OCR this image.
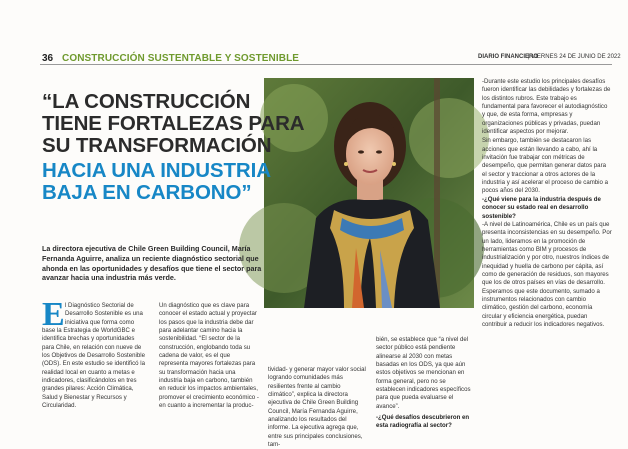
36 CONSTRUCCIÓN SUSTENTABLE Y SOSTENIBLE	DIARIO FINANCIERO
| VIERNES 24 DE JUNIO DE 2022
“LA CONSTRUCCIÓN
TIENE FORTALEZAS PARA
SU TRANSFORMACIÓN
HACIA UNA INDUSTRIA
BAJA EN CARBONO”
La directora ejecutiva de Chile Green Building Council, María Fernanda Aguirre, analiza un reciente diagnóstico sectorial que ahonda en las oportunidades y desafíos que tiene el sector para avanzar hacia una industria más verde.
E l Diagnóstico Sectorial de Desarrollo Sostenible es una iniciativa que forma como
base la Estrategia de WorldGBC e identifica brechas y oportunidades para Chile, en relación con nueve de los Objetivos de Desarrollo Sostenible (ODS). En este estudio se identificó la realidad local en cuanto a metas e indicadores, clasificándolos en tres grandes pilares: Acción Climática, Salud y Bienestar y Recursos y Circularidad.
Un diagnóstico que es clave para conocer el estado actual y proyectar los pasos que la industria debe dar para adelantar camino hacia la sostenibilidad. “El sector de la construcción, englobando toda su cadena de valor, es el que representa mayores fortalezas para su transformación hacia una industria baja en carbono, también en reducir los impactos ambientales, promover el crecimiento económico -en cuanto a incrementar la produc-
tividad- y generar mayor valor social logrando comunidades más resilientes frente al cambio climático”, explica la directora ejecutiva de Chile Green Building Council, María Fernanda Aguirre, analizando los resultados del informe. La ejecutiva agrega que, entre sus principales conclusiones, tam-

bién, se establece que “a nivel del sector público está pendiente alinearse al 2030 con metas basadas en los ODS, ya que aún estos objetivos se mencionan en forma general, pero no se establecen indicadores específicos para que pueda evaluarse el avance”.

-¿Qué desafíos descubrieron en esta radiografía al sector?

-Durante este estudio los principales desafíos fueron identificar las debilidades y fortalezas de los distintos rubros. Este trabajo es fundamental para favorecer el autodiagnóstico y que, de esta forma, empresas y organizaciones públicas y privadas, puedan identificar aspectos por mejorar.

Sin embargo, también se destacaron las acciones que están llevando a cabo, ahí la invitación fue trabajar con métricas de desempeño, que permitan generar datos para el sector y traccionar a otros actores de la industria y así acelerar el proceso de cambio a pocos años del 2030.

-¿Qué viene para la industria después de conocer su estado real en desarrollo sostenible?

-A nivel de Latinoamérica, Chile es un país que presenta inconsistencias en su desempeño. Por un lado, lideramos en la promoción de herramientas como BIM y procesos de industrialización y por otro, nuestros índices de inequidad y huella de carbono per cápita, así como de generación de residuos, son mayores que los de otros países en vías de desarrollo. Esperamos que este documento, sumado a instrumentos relacionados con cambio climático, gestión del carbono, economía circular y eficiencia energética, puedan contribuir a reducir los indicadores negativos.
